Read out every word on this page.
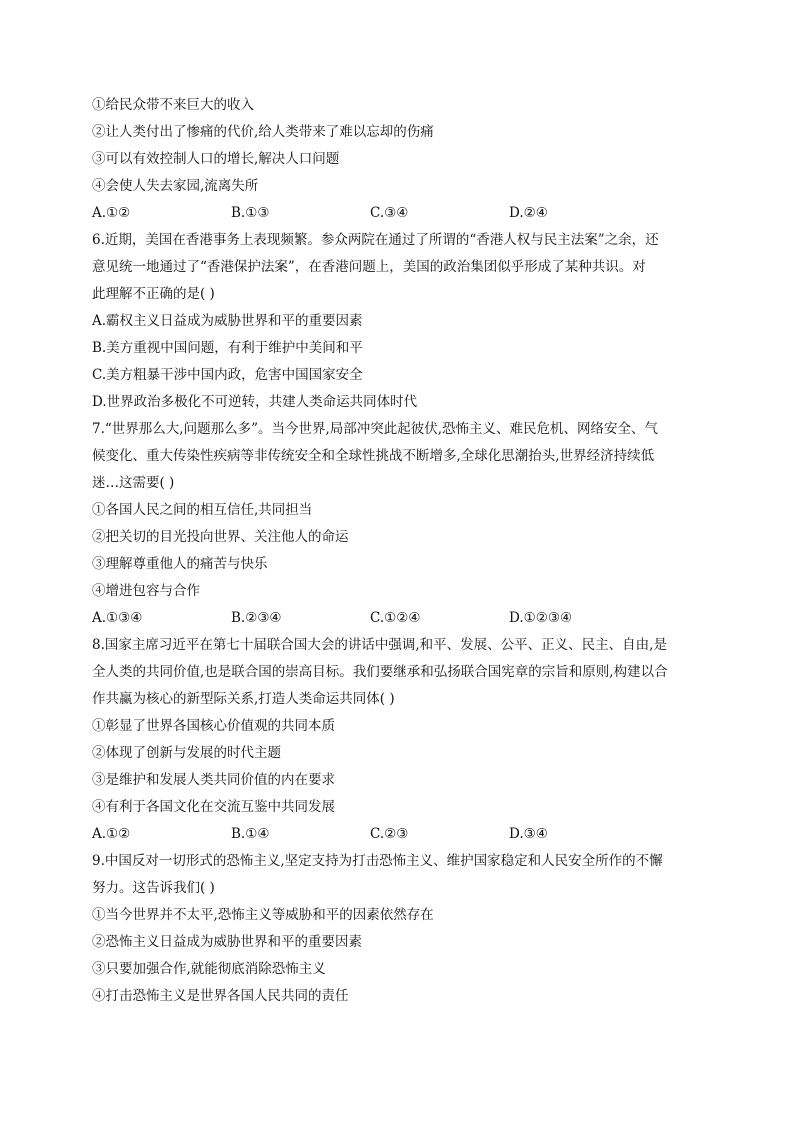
①给民众带不来巨大的收入
②让人类付出了惨痛的代价,给人类带来了难以忘却的伤痛
③可以有效控制人口的增长,解决人口问题
④会使人失去家园,流离失所
A.①②	B.①③	C.③④	D.②④
6.近期，美国在香港事务上表现频繁。参众两院在通过了所谓的“香港人权与民主法案”之余，还
意见统一地通过了“香港保护法案”，在香港问题上，美国的政治集团似乎形成了某种共识。对
此理解不正确的是( )
A.霸权主义日益成为威胁世界和平的重要因素
B.美方重视中国问题，有利于维护中美间和平
C.美方粗暴干涉中国内政，危害中国国家安全
D.世界政治多极化不可逆转，共建人类命运共同体时代
7.“世界那么大,问题那么多”。当今世界,局部冲突此起彼伏,恐怖主义、难民危机、网络安全、气
候变化、重大传染性疾病等非传统安全和全球性挑战不断增多,全球化思潮抬头,世界经济持续低
迷…这需要( )
①各国人民之间的相互信任,共同担当
②把关切的目光投向世界、关注他人的命运
③理解尊重他人的痛苦与快乐
④增进包容与合作
A.①③④	B.②③④	C.①②④	D.①②③④
8.国家主席习近平在第七十届联合国大会的讲话中强调,和平、发展、公平、正义、民主、自由,是
全人类的共同价值,也是联合国的崇高目标。我们要继承和弘扬联合国宪章的宗旨和原则,构建以合
作共赢为核心的新型际关系,打造人类命运共同体( )
①彰显了世界各国核心价值观的共同本质
②体现了创新与发展的时代主题
③是维护和发展人类共同价值的内在要求
④有利于各国文化在交流互鉴中共同发展
A.①②	B.①④	C.②③	D.③④
9.中国反对一切形式的恐怖主义,坚定支持为打击恐怖主义、维护国家稳定和人民安全所作的不懈
努力。这告诉我们( )
①当今世界并不太平,恐怖主义等威胁和平的因素依然存在
②恐怖主义日益成为威胁世界和平的重要因素
③只要加强合作,就能彻底消除恐怖主义
④打击恐怖主义是世界各国人民共同的责任
